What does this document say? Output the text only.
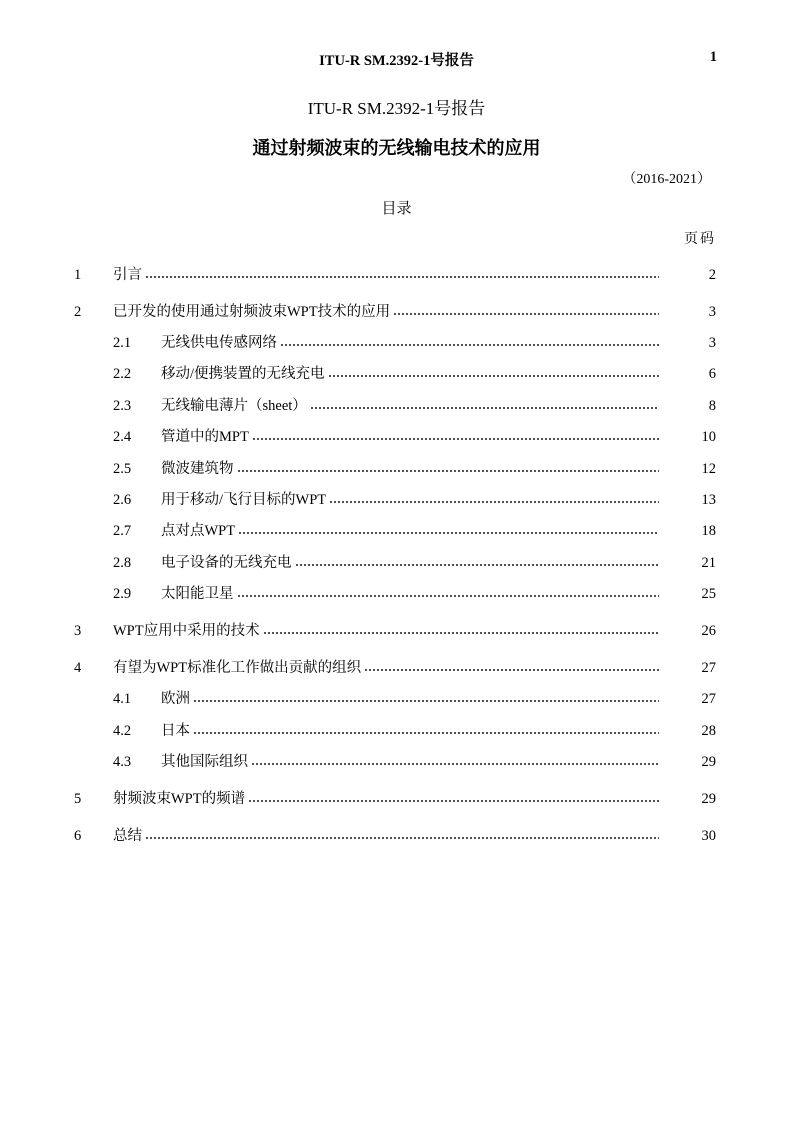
ITU-R SM.2392-1号报告	1
ITU-R SM.2392-1号报告
通过射频波束的无线输电技术的应用
（2016-2021）
目录
页码
1 引言	2
2 已开发的使用通过射频波束WPT技术的应用	3
2.1 无线供电传感网络	3
2.2 移动/便携装置的无线充电	6
2.3 无线输电薄片（sheet）	8
2.4 管道中的MPT	10
2.5 微波建筑物	12
2.6 用于移动/飞行目标的WPT	13
2.7 点对点WPT	18
2.8 电子设备的无线充电	21
2.9 太阳能卫星	25
3 WPT应用中采用的技术	26
4 有望为WPT标准化工作做出贡献的组织	27
4.1 欧洲	27
4.2 日本	28
4.3 其他国际组织	29
5 射频波束WPT的频谱	29
6 总结	30
